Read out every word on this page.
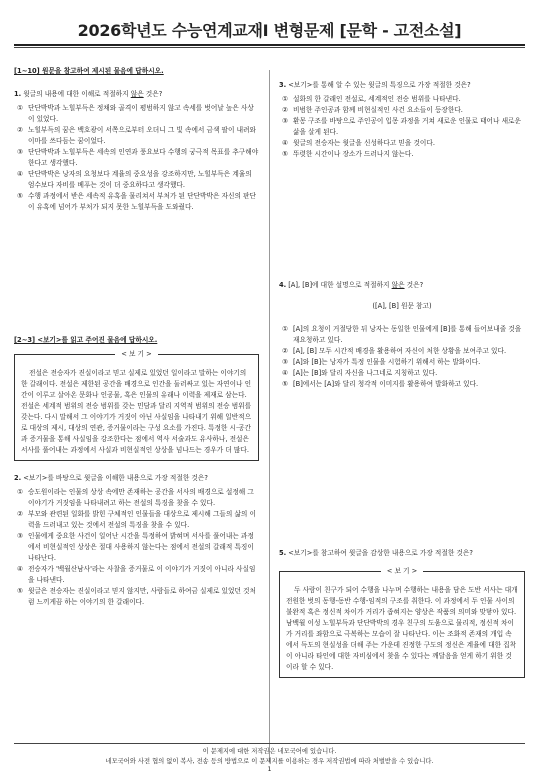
2026학년도 수능연계교재Ⅰ 변형문제 [문학 - 고전소설]

[1~10] 원문을 참고하여 제시된 물음에 답하시오.

1. 윗글의 내용에 대한 이해로 적절하지 않은 것은?

① 단단박박과 노힐부득은 정채와 골격이 평범하지 않고 속세를 벗어날 높은 사상이 있었다.
② 노힐부득의 꿈은 백호광이 서쪽으로부터 오더니 그 빛 속에서 금색 팔이 내려와 이마를 쓰다듬는 꿈이었다.
③ 단단박박과 노힐부득은 세속의 인연과 풍요보다 수행의 궁극적 목표를 추구해야 한다고 생각했다.
④ 단단박박은 낭자의 요청보다 계율의 중요성을 강조하지만, 노힐부득은 계율의 엄수보다 자비를 베푸는 것이 더 중요하다고 생각했다.
⑤ 수행 과정에서 받은 세속적 유혹을 물리쳐서 부처가 된 단단박박은 자신의 판단이 유혹에 넘어가 부처가 되지 못한 노힐부득을 도와줬다.

[2~3] <보기>를 읽고 주어진 물음에 답하시오.

< 보 기 >
전설은 전승자가 진실이라고 믿고 실제로 있었던 일이라고 말하는 이야기의 한 갈래이다. 전설은 제한된 공간을 배경으로 인간을 둘러싸고 있는 자연이나 인간이 이루고 살아온 문화나 인공물, 혹은 인물의 유래나 이력을 제재로 삼는다. 전설은 세계적 범위의 전승 범위를 갖는 민담과 달리 지역적 범위의 전승 범위를 갖는다. 다시 말해서 그 이야기가 거짓이 아닌 사실임을 나타내기 위해 일반적으로 대상의 제시, 대상의 연관, 증거물이라는 구성 요소를 가진다. 특정한 시·공간과 증거물을 통해 사실임을 강조한다는 점에서 역사 서술과도 유사하나, 전설은 서사를 풀어내는 과정에서 사실과 비현실적인 상상을 넘나드는 경우가 더 많다.

2. <보기>를 바탕으로 윗글을 이해한 내용으로 가장 적절한 것은?

① 승도원이라는 인물의 상상 속에만 존재하는 공간을 서사의 배경으로 설정해 그 이야기가 거짓임을 나타내려고 하는 전설의 특징을 찾을 수 있다.
② 부모와 관련된 일화를 밝힌 구체적인 인물들을 대상으로 제시해 그들의 삶의 이력을 드러내고 있는 것에서 전설의 특징을 찾을 수 있다.
③ 인물에게 중요한 사건이 일어난 시간을 특정하여 밝혀며 서사를 풀어내는 과정에서 비현실적인 상상은 절대 사용하지 않는다는 점에서 전설의 갈래적 특징이 나타난다.
④ 전승자가 '백월산남사'라는 사찰을 증거물로 이 이야기가 거짓이 아니라 사실임을 나타낸다.
⑤ 윗글은 전승자는 진실이라고 믿지 않지만, 사람들로 하여금 실제로 있었던 것처럼 느끼게끔 하는 이야기의 한 갈래이다.

3. <보기>를 통해 알 수 있는 윗글의 특징으로 가장 적절한 것은?

① 설화의 한 갈래인 전설로, 세계적인 전승 범위를 나타낸다.
② 비범한 주인공과 함께 비현실적인 사건 요소들이 등장한다.
③ 환몽 구조를 바탕으로 주인공이 입몽 과정을 거쳐 새로운 인물로 태어나 새로운 삶을 살게 된다.
④ 윗글의 전승자는 윗글을 신성하다고 믿을 것이다.
⑤ 뚜렷한 시간이나 장소가 드러나지 않는다.

4. [A], [B]에 대한 설명으로 적절하지 않은 것은?

([A], [B] 원문 참고)

① [A]의 요청이 거절당한 뒤 낭자는 동일한 인물에게 [B]를 통해 들어보내줄 것을 재요청하고 있다.
② [A], [B] 모두 시간적 배경을 활용하여 자신이 처한 상황을 보여주고 있다.
③ [A]와 [B]는 낭자가 특정 인물을 시험하기 위해서 하는 발화이다.
④ [A]는 [B]와 달리 자신을 나그네로 지칭하고 있다.
⑤ [B]에서는 [A]와 달리 청각적 이미지를 활용하여 발화하고 있다.

5. <보기>를 참고하여 윗글을 감상한 내용으로 가장 적절한 것은?

< 보 기 >
두 사람이 친구가 되어 수행을 나누며 수행하는 내용을 담은 도반 서사는 대개 전원한 벗의 동행-동반 수행-임적의 구조를 취한다. 이 과정에서 두 인물 사이의 불완적 혹은 정신적 차이가 거리가 좁혀지는 양상은 작품의 의미와 맞닿아 있다. 남백월 이성 노힐부득과 단단박박의 경우 친구의 도움으로 물리적, 정신적 차이가 거리를 좌함으로 극복하는 모습이 잘 나타난다. 이는 조화적 존재의 개입 속에서 득도의 현실성을 더해 주는 가운데 진정한 구도의 정신은 계율에 대한 집착이 아니라 타인에 대한 자비심에서 찾을 수 있다는 깨달음을 얻게 하기 위한 것이라 할 수 있다.
이 문제지에 대한 저작권은 네모국어에 있습니다.
네모국어와 사전 협의 없이 복사, 전송 등의 방법으로 이 문제지를 이용하는 경우 저작권법에 따라 처벌받을 수 있습니다.
1
